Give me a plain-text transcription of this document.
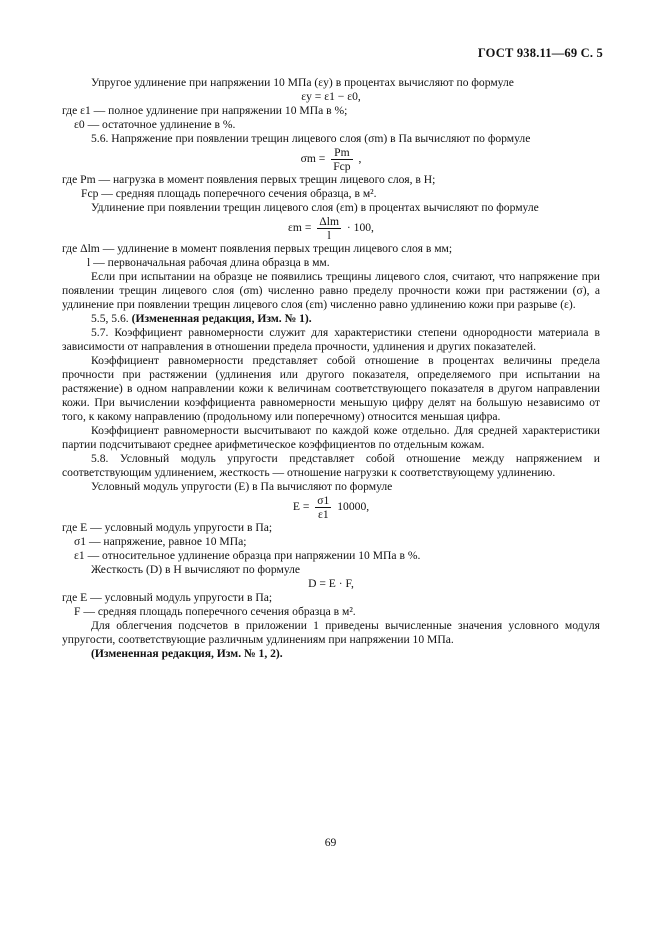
ГОСТ 938.11—69 С. 5

Упругое удлинение при напряжении 10 МПа (εу) в процентах вычисляют по формуле

εу = ε1 − ε0,

где ε1 — полное удлинение при напряжении 10 МПа в %;

ε0 — остаточное удлинение в %.

5.6. Напряжение при появлении трещин лицевого слоя (σm) в Па вычисляют по формуле

$\sigma m = \frac{Pm}{\text{Fср}}$ ,

где Pm — нагрузка в момент появления первых трещин лицевого слоя, в Н;

Fср — средняя площадь поперечного сечения образца, в м².

Удлинение при появлении трещин лицевого слоя (εm) в процентах вычисляют по формуле

$\varepsilon m = \frac{\text{Δlm}}{l} \cdot 100$,

где Δlm — удлинение в момент появления первых трещин лицевого слоя в мм;

l — первоначальная рабочая длина образца в мм.

Если при испытании на образце не появились трещины лицевого слоя, считают, что напряжение при появлении трещин лицевого слоя (σm) численно равно пределу прочности кожи при растяжении (σ), а удлинение при появлении трещин лицевого слоя (εm) численно равно удлинению кожи при разрыве (ε).

5.5, 5.6. (Измененная редакция, Изм. № 1).

5.7. Коэффициент равномерности служит для характеристики степени однородности материала в зависимости от направления в отношении предела прочности, удлинения и других показателей.

Коэффициент равномерности представляет собой отношение в процентах величины предела прочности при растяжении (удлинения или другого показателя, определяемого при испытании на растяжение) в одном направлении кожи к величинам соответствующего показателя в другом направлении кожи. При вычислении коэффициента равномерности меньшую цифру делят на большую независимо от того, к какому направлению (продольному или поперечному) относится меньшая цифра.

Коэффициент равномерности высчитывают по каждой коже отдельно. Для средней характеристики партии подсчитывают среднее арифметическое коэффициентов по отдельным кожам.

5.8. Условный модуль упругости представляет собой отношение между напряжением и соответствующим удлинением, жесткость — отношение нагрузки к соответствующему удлинению.

Условный модуль упругости (E) в Па вычисляют по формуле

$E = \frac{\sigma 1}{\varepsilon 1} 10000$,

где E — условный модуль упругости в Па;

σ1 — напряжение, равное 10 МПа;

ε1 — относительное удлинение образца при напряжении 10 МПа в %.

Жесткость (D) в Н вычисляют по формуле

D = E · F,

где E — условный модуль упругости в Па;

F — средняя площадь поперечного сечения образца в м².

Для облегчения подсчетов в приложении 1 приведены вычисленные значения условного модуля упругости, соответствующие различным удлинениям при напряжении 10 МПа.

(Измененная редакция, Изм. № 1, 2).

69
